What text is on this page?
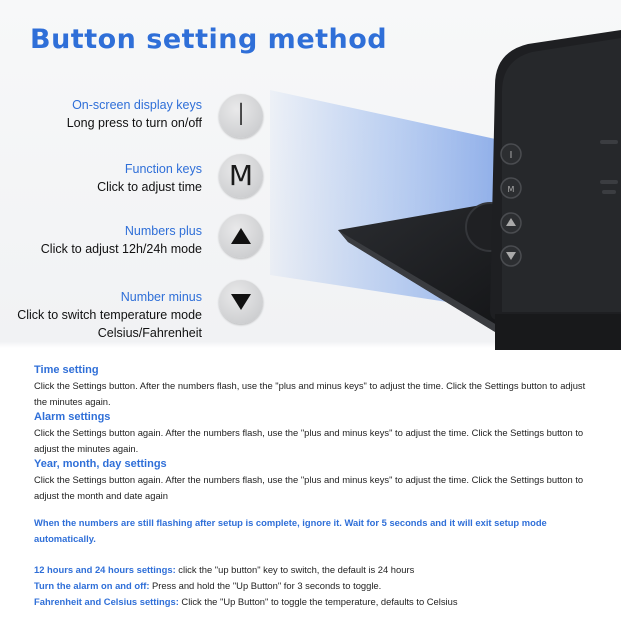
Button setting method
I
M
On-screen display keys
Long press to turn on/off I
Function keys
Click to adjust time M
Numbers plus
Click to adjust 12h/24h mode
Number minus
Click to switch temperature mode
Celsius/Fahrenheit
Time setting
Click the Settings button. After the numbers flash, use the "plus and minus keys" to adjust the time. Click the Settings button to adjust the minutes again.
Alarm settings
Click the Settings button again. After the numbers flash, use the "plus and minus keys" to adjust the time. Click the Settings button to adjust the minutes again.
Year, month, day settings
Click the Settings button again. After the numbers flash, use the "plus and minus keys" to adjust the time. Click the Settings button to adjust the month and date again
When the numbers are still flashing after setup is complete, ignore it. Wait for 5 seconds and it will exit setup mode automatically.
12 hours and 24 hours settings: click the "up button" key to switch, the default is 24 hours
Turn the alarm on and off: Press and hold the "Up Button" for 3 seconds to toggle.
Fahrenheit and Celsius settings: Click the "Up Button" to toggle the temperature, defaults to Celsius
